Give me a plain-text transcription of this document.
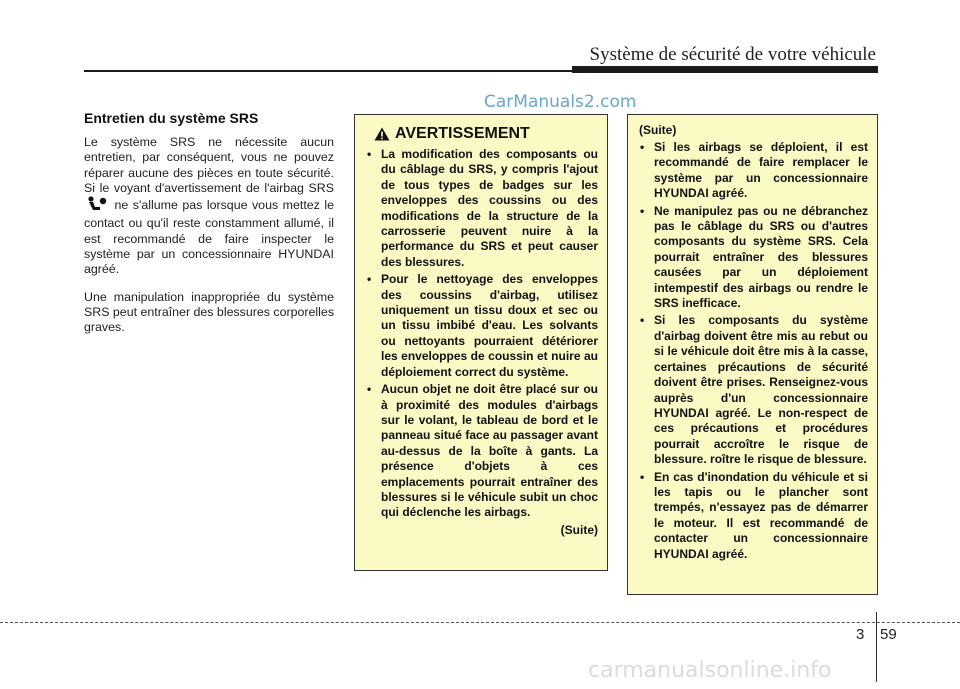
Système de sécurité de votre véhicule
CarManuals2.com
Entretien du système SRS

Le système SRS ne nécessite aucun entretien, par conséquent, vous ne pouvez réparer aucune des pièces en toute sécurité. Si le voyant d'avertissement de l'airbag SRS  ne s'allume pas lorsque vous mettez le contact ou qu'il reste constamment allumé, il est recommandé de faire inspecter le système par un concessionnaire HYUNDAI agréé.

Une manipulation inappropriée du système SRS peut entraîner des blessures corporelles graves.

AVERTISSEMENT
• La modification des composants ou du câblage du SRS, y compris l'ajout de tous types de badges sur les enveloppes des coussins ou des modifications de la structure de la carrosserie peuvent nuire à la performance du SRS et peut causer des blessures.
• Pour le nettoyage des enveloppes des coussins d'airbag, utilisez uniquement un tissu doux et sec ou un tissu imbibé d'eau. Les solvants ou nettoyants pourraient détériorer les enveloppes de coussin et nuire au déploiement correct du système.
• Aucun objet ne doit être placé sur ou à proximité des modules d'airbags sur le volant, le tableau de bord et le panneau situé face au passager avant au-dessus de la boîte à gants. La présence d'objets à ces emplacements pourrait entraîner des blessures si le véhicule subit un choc qui déclenche les airbags.
(Suite)
(Suite)
• Si les airbags se déploient, il est recommandé de faire remplacer le système par un concessionnaire HYUNDAI agréé.
• Ne manipulez pas ou ne débranchez pas le câblage du SRS ou d'autres composants du système SRS. Cela pourrait entraîner des blessures causées par un déploiement intempestif des airbags ou rendre le SRS inefficace.
• Si les composants du système d'airbag doivent être mis au rebut ou si le véhicule doit être mis à la casse, certaines précautions de sécurité doivent être prises. Renseignez-vous auprès d'un concessionnaire HYUNDAI agréé. Le non-respect de ces précautions et procédures pourrait accroître le risque de blessure. roître le risque de blessure.
• En cas d'inondation du véhicule et si les tapis ou le plancher sont trempés, n'essayez pas de démarrer le moteur. Il est recommandé de contacter un concessionnaire HYUNDAI agréé.
3 59
carmanualsonline.info
